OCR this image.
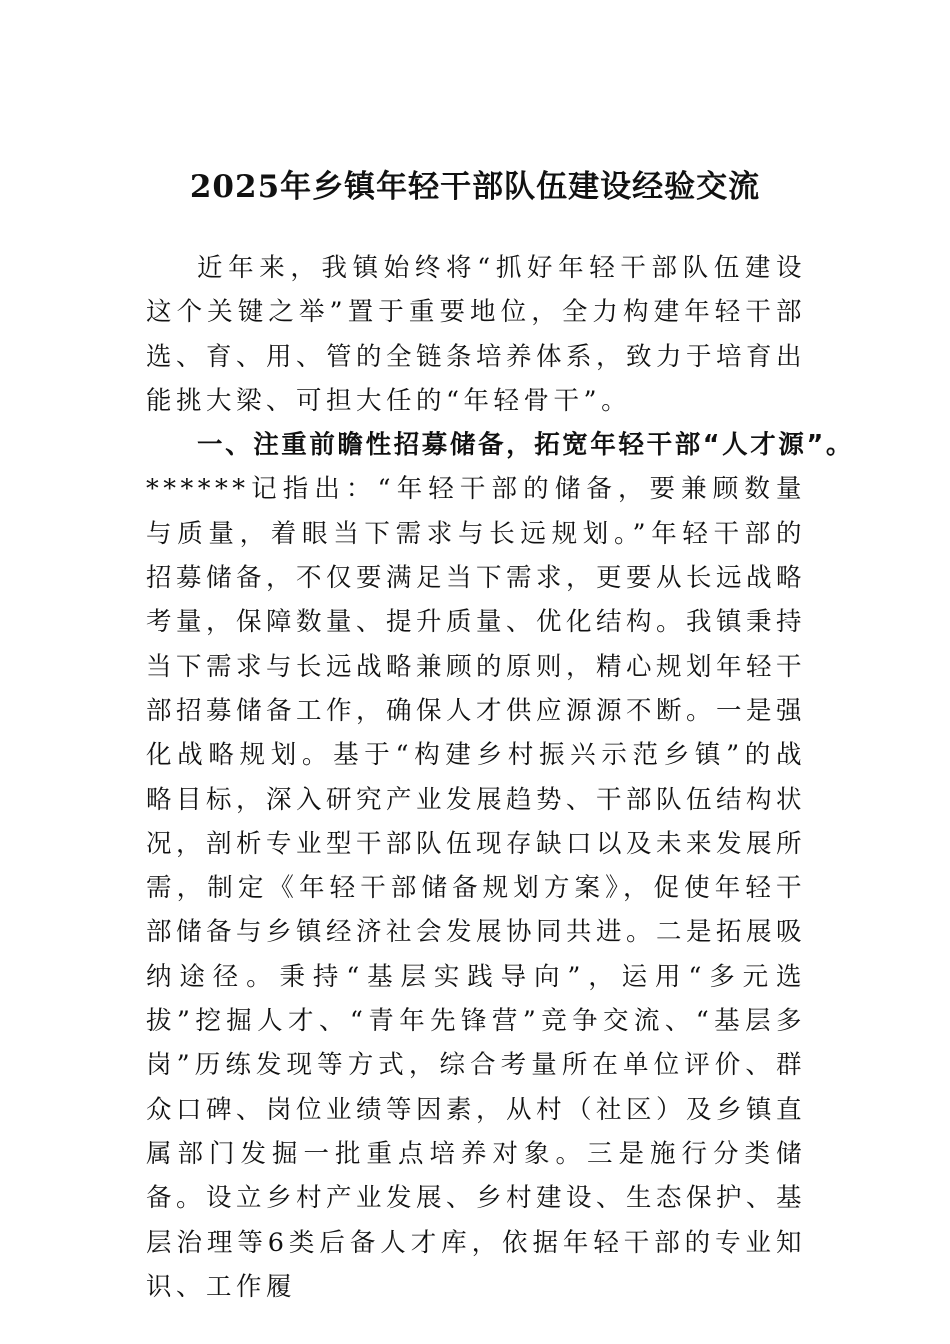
2025年乡镇年轻干部队伍建设经验交流

近年来，我镇始终将“抓好年轻干部队伍建设这个关键之举”置于重要地位，全力构建年轻干部选、育、用、管的全链条培养体系，致力于培育出能挑大梁、可担大任的“年轻骨干”。

一、注重前瞻性招募储备，拓宽年轻干部“人才源”。

******记指出：“年轻干部的储备，要兼顾数量与质量，着眼当下需求与长远规划。”年轻干部的招募储备，不仅要满足当下需求，更要从长远战略考量，保障数量、提升质量、优化结构。我镇秉持当下需求与长远战略兼顾的原则，精心规划年轻干部招募储备工作，确保人才供应源源不断。一是强化战略规划。基于“构建乡村振兴示范乡镇”的战略目标，深入研究产业发展趋势、干部队伍结构状况，剖析专业型干部队伍现存缺口以及未来发展所需，制定《年轻干部储备规划方案》，促使年轻干部储备与乡镇经济社会发展协同共进。二是拓展吸纳途径。秉持“基层实践导向”，运用“多元选拔”挖掘人才、“青年先锋营”竞争交流、“基层多岗”历练发现等方式，综合考量所在单位评价、群众口碑、岗位业绩等因素，从村（社区）及乡镇直属部门发掘一批重点培养对象。三是施行分类储备。设立乡村产业发展、乡村建设、生态保护、基层治理等6类后备人才库，依据年轻干部的专业知识、工作履
